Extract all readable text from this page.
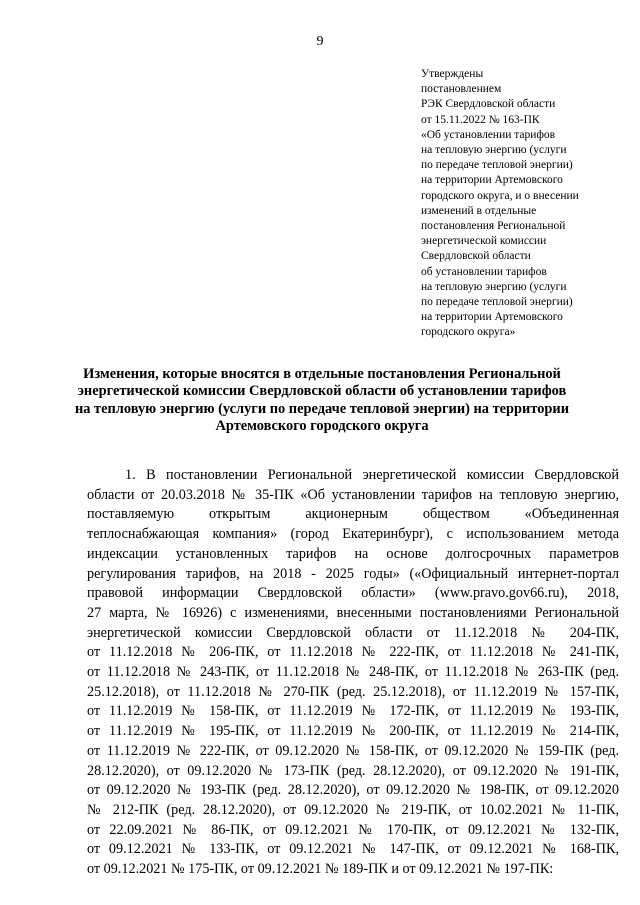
9
Утверждены
постановлением
РЭК Свердловской области
от 15.11.2022 № 163-ПК
«Об установлении тарифов
на тепловую энергию (услуги
по передаче тепловой энергии)
на территории Артемовского
городского округа, и о внесении
изменений в отдельные
постановления Региональной
энергетической комиссии
Свердловской области
об установлении тарифов
на тепловую энергию (услуги
по передаче тепловой энергии)
на территории Артемовского
городского округа»
Изменения, которые вносятся в отдельные постановления Региональной
энергетической комиссии Свердловской области об установлении тарифов
на тепловую энергию (услуги по передаче тепловой энергии) на территории
Артемовского городского округа
1. В постановлении Региональной энергетической комиссии Свердловской
области от 20.03.2018 № 35-ПК «Об установлении тарифов на тепловую энергию,
поставляемую открытым акционерным обществом «Объединенная
теплоснабжающая компания» (город Екатеринбург), с использованием метода
индексации установленных тарифов на основе долгосрочных параметров
регулирования тарифов, на 2018 - 2025 годы» («Официальный интернет-портал
правовой информации Свердловской области» (www.pravo.gov66.ru), 2018,
27 марта, № 16926) с изменениями, внесенными постановлениями Региональной
энергетической комиссии Свердловской области от 11.12.2018 № 204-ПК,
от 11.12.2018 № 206-ПК, от 11.12.2018 № 222-ПК, от 11.12.2018 № 241-ПК,
от 11.12.2018 № 243-ПК, от 11.12.2018 № 248-ПК, от 11.12.2018 № 263-ПК (ред.
25.12.2018), от 11.12.2018 № 270-ПК (ред. 25.12.2018), от 11.12.2019 № 157-ПК,
от 11.12.2019 № 158-ПК, от 11.12.2019 № 172-ПК, от 11.12.2019 № 193-ПК,
от 11.12.2019 № 195-ПК, от 11.12.2019 № 200-ПК, от 11.12.2019 № 214-ПК,
от 11.12.2019 № 222-ПК, от 09.12.2020 № 158-ПК, от 09.12.2020 № 159-ПК (ред.
28.12.2020), от 09.12.2020 № 173-ПК (ред. 28.12.2020), от 09.12.2020 № 191-ПК,
от 09.12.2020 № 193-ПК (ред. 28.12.2020), от 09.12.2020 № 198-ПК, от 09.12.2020
№ 212-ПК (ред. 28.12.2020), от 09.12.2020 № 219-ПК, от 10.02.2021 № 11-ПК,
от 22.09.2021 № 86-ПК, от 09.12.2021 № 170-ПК, от 09.12.2021 № 132-ПК,
от 09.12.2021 № 133-ПК, от 09.12.2021 № 147-ПК, от 09.12.2021 № 168-ПК,
от 09.12.2021 № 175-ПК, от 09.12.2021 № 189-ПК и от 09.12.2021 № 197-ПК:
